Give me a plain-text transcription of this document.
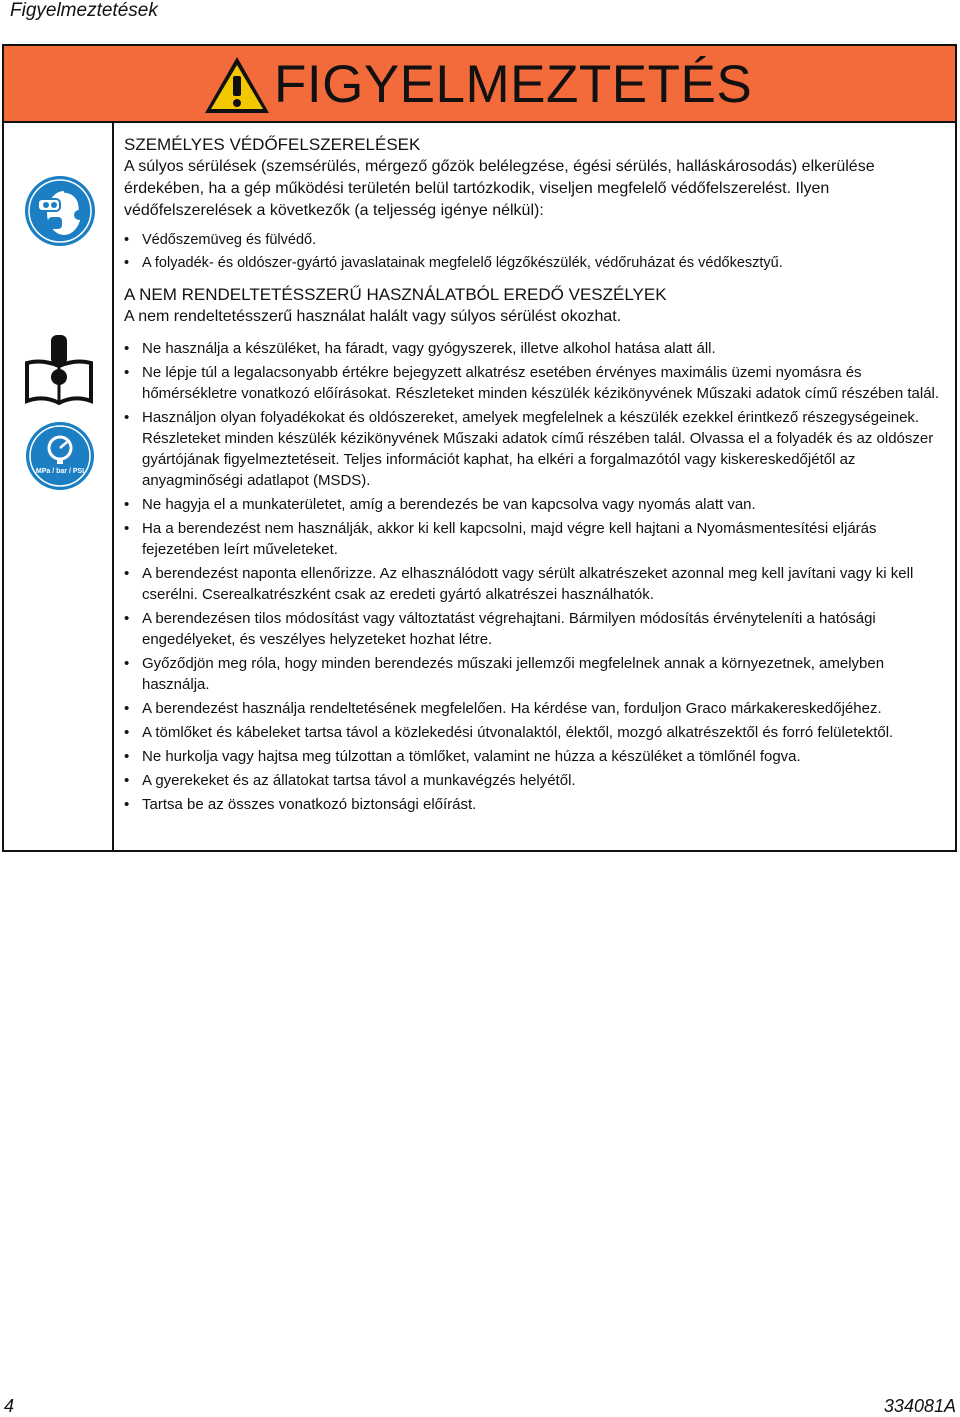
Figyelmeztetések
FIGYELMEZTETÉS
MPa / bar / PSI
SZEMÉLYES VÉDŐFELSZERELÉSEK
A súlyos sérülések (szemsérülés, mérgező gőzök belélegzése, égési sérülés, halláskárosodás) elkerülése érdekében, ha a gép működési területén belül tartózkodik, viseljen megfelelő védőfelszerelést. Ilyen védőfelszerelések a következők (a teljesség igénye nélkül):
• Védőszemüveg és fülvédő.
• A folyadék- és oldószer-gyártó javaslatainak megfelelő légzőkészülék, védőruházat és védőkesztyű.
A NEM RENDELTETÉSSZERŰ HASZNÁLATBÓL EREDŐ VESZÉLYEK
A nem rendeltetésszerű használat halált vagy súlyos sérülést okozhat.
• Ne használja a készüléket, ha fáradt, vagy gyógyszerek, illetve alkohol hatása alatt áll.
• Ne lépje túl a legalacsonyabb értékre bejegyzett alkatrész esetében érvényes maximális üzemi nyomásra és hőmérsékletre vonatkozó előírásokat. Részleteket minden készülék kézikönyvének Műszaki adatok című részében talál.
• Használjon olyan folyadékokat és oldószereket, amelyek megfelelnek a készülék ezekkel érintkező részegységeinek. Részleteket minden készülék kézikönyvének Műszaki adatok című részében talál. Olvassa el a folyadék és az oldószer gyártójának figyelmeztetéseit. Teljes információt kaphat, ha elkéri a forgalmazótól vagy kiskereskedőjétől az anyagminőségi adatlapot (MSDS).
• Ne hagyja el a munkaterületet, amíg a berendezés be van kapcsolva vagy nyomás alatt van.
• Ha a berendezést nem használják, akkor ki kell kapcsolni, majd végre kell hajtani a Nyomásmentesítési eljárás fejezetében leírt műveleteket.
• A berendezést naponta ellenőrizze. Az elhasználódott vagy sérült alkatrészeket azonnal meg kell javítani vagy ki kell cserélni. Cserealkatrészként csak az eredeti gyártó alkatrészei használhatók.
• A berendezésen tilos módosítást vagy változtatást végrehajtani. Bármilyen módosítás érvényteleníti a hatósági engedélyeket, és veszélyes helyzeteket hozhat létre.
• Győződjön meg róla, hogy minden berendezés műszaki jellemzői megfelelnek annak a környezetnek, amelyben használja.
• A berendezést használja rendeltetésének megfelelően. Ha kérdése van, forduljon Graco márkakereskedőjéhez.
• A tömlőket és kábeleket tartsa távol a közlekedési útvonalaktól, élektől, mozgó alkatrészektől és forró felületektől.
• Ne hurkolja vagy hajtsa meg túlzottan a tömlőket, valamint ne húzza a készüléket a tömlőnél fogva.
• A gyerekeket és az állatokat tartsa távol a munkavégzés helyétől.
• Tartsa be az összes vonatkozó biztonsági előírást.
4	334081A
